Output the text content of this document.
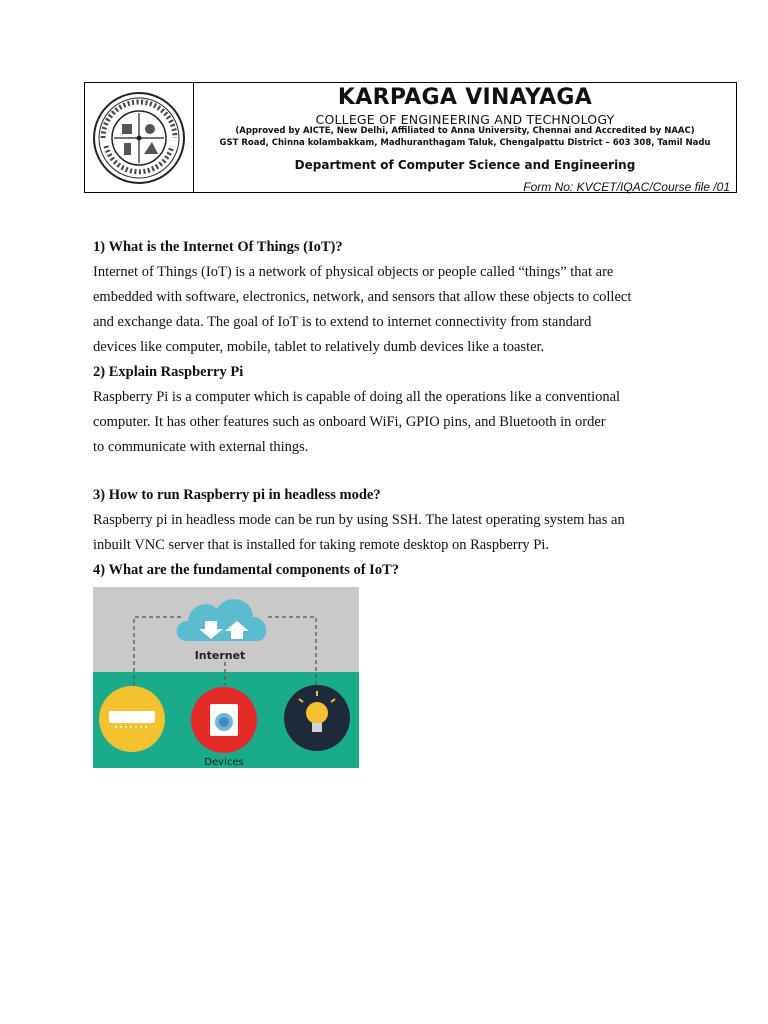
KARPAGA VINAYAGA
COLLEGE OF ENGINEERING AND TECHNOLOGY
(Approved by AICTE, New Delhi, Affiliated to Anna University, Chennai and Accredited by NAAC)
GST Road, Chinna kolambakkam, Madhuranthagam Taluk, Chengalpattu District – 603 308, Tamil Nadu
Department of Computer Science and Engineering
Form No: KVCET/IQAC/Course file /01

1) What is the Internet Of Things (IoT)?

Internet of Things (IoT) is a network of physical objects or people called “things” that are

embedded with software, electronics, network, and sensors that allow these objects to collect

and exchange data. The goal of IoT is to extend to internet connectivity from standard

devices like computer, mobile, tablet to relatively dumb devices like a toaster.

2) Explain Raspberry Pi

Raspberry Pi is a computer which is capable of doing all the operations like a conventional

computer. It has other features such as onboard WiFi, GPIO pins, and Bluetooth in order

to communicate with external things.

3) How to run Raspberry pi in headless mode?

Raspberry pi in headless mode can be run by using SSH. The latest operating system has an

inbuilt VNC server that is installed for taking remote desktop on Raspberry Pi.

4) What are the fundamental components of IoT?

Internet
Devices
